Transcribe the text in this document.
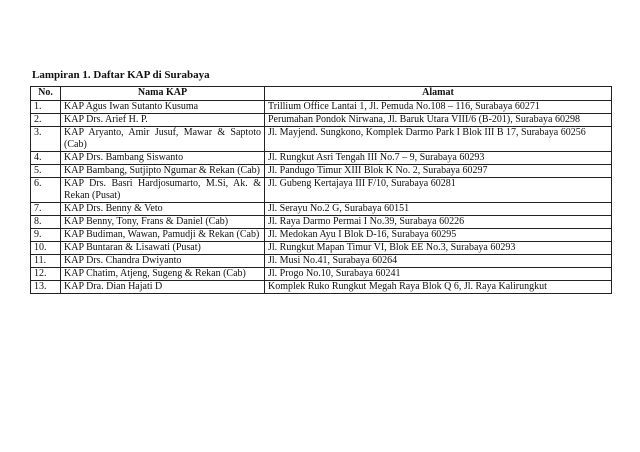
Lampiran 1. Daftar KAP di Surabaya
No.	Nama KAP	Alamat
1.	KAP Agus Iwan Sutanto Kusuma	Trillium Office Lantai 1, Jl. Pemuda No.108 – 116, Surabaya 60271
2.	KAP Drs. Arief H. P.	Perumahan Pondok Nirwana, Jl. Baruk Utara VIII/6 (B-201), Surabaya 60298
3.	KAP Aryanto, Amir Jusuf, Mawar & Saptoto (Cab)	Jl. Mayjend. Sungkono, Komplek Darmo Park I Blok III B 17, Surabaya 60256
4.	KAP Drs. Bambang Siswanto	Jl. Rungkut Asri Tengah III No.7 – 9, Surabaya 60293
5.	KAP Bambang, Sutjipto Ngumar & Rekan (Cab)	Jl. Pandugo Timur XIII Blok K No. 2, Surabaya 60297
6.	KAP Drs. Basri Hardjosumarto, M.Si, Ak. & Rekan (Pusat)	Jl. Gubeng Kertajaya III F/10, Surabaya 60281
7.	KAP Drs. Benny & Veto	Jl. Serayu No.2 G, Surabaya 60151
8.	KAP Benny, Tony, Frans & Daniel (Cab)	Jl. Raya Darmo Permai I No.39, Surabaya 60226
9.	KAP Budiman, Wawan, Pamudji & Rekan (Cab)	Jl. Medokan Ayu I Blok D-16, Surabaya 60295
10.	KAP Buntaran & Lisawati (Pusat)	Jl. Rungkut Mapan Timur VI, Blok EE No.3, Surabaya 60293
11.	KAP Drs. Chandra Dwiyanto	Jl. Musi No.41, Surabaya 60264
12.	KAP Chatim, Atjeng, Sugeng & Rekan (Cab)	Jl. Progo No.10, Surabaya 60241
13.	KAP Dra. Dian Hajati D	Komplek Ruko Rungkut Megah Raya Blok Q 6, Jl. Raya Kalirungkut
